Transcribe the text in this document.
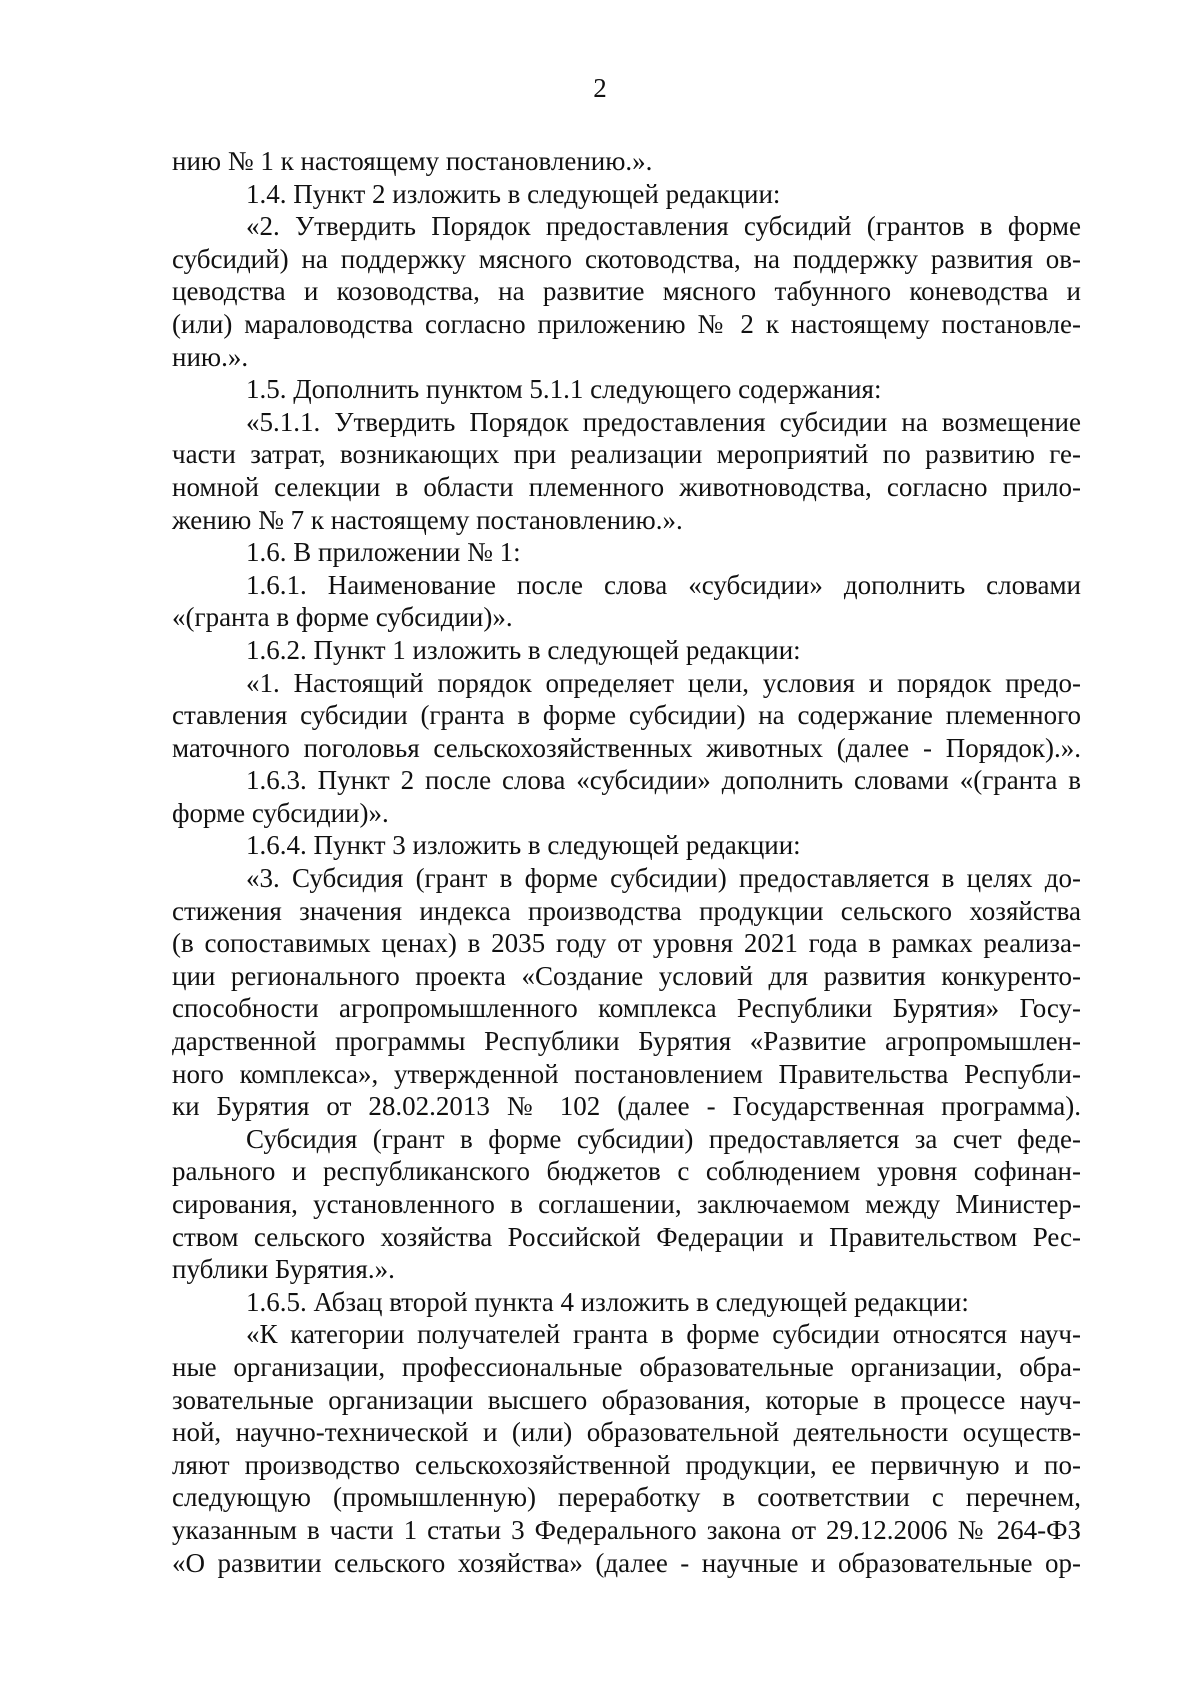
2
нию № 1 к настоящему постановлению.».
1.4. Пункт 2 изложить в следующей редакции:
«2. Утвердить Порядок предоставления субсидий (грантов в форме
субсидий) на поддержку мясного скотоводства, на поддержку развития ов-
цеводства и козоводства, на развитие мясного табунного коневодства и
(или) мараловодства согласно приложению № 2 к настоящему постановле-
нию.».
1.5. Дополнить пунктом 5.1.1 следующего содержания:
«5.1.1. Утвердить Порядок предоставления субсидии на возмещение
части затрат, возникающих при реализации мероприятий по развитию ге-
номной селекции в области племенного животноводства, согласно прило-
жению № 7 к настоящему постановлению.».
1.6. В приложении № 1:
1.6.1. Наименование после слова «субсидии» дополнить словами
«(гранта в форме субсидии)».
1.6.2. Пункт 1 изложить в следующей редакции:
«1. Настоящий порядок определяет цели, условия и порядок предо-
ставления субсидии (гранта в форме субсидии) на содержание племенного
маточного поголовья сельскохозяйственных животных (далее - Порядок).».
1.6.3. Пункт 2 после слова «субсидии» дополнить словами «(гранта в
форме субсидии)».
1.6.4. Пункт 3 изложить в следующей редакции:
«3. Субсидия (грант в форме субсидии) предоставляется в целях до-
стижения значения индекса производства продукции сельского хозяйства
(в сопоставимых ценах) в 2035 году от уровня 2021 года в рамках реализа-
ции регионального проекта «Создание условий для развития конкуренто-
способности агропромышленного комплекса Республики Бурятия» Госу-
дарственной программы Республики Бурятия «Развитие агропромышлен-
ного комплекса», утвержденной постановлением Правительства Республи-
ки Бурятия от 28.02.2013 № 102 (далее - Государственная программа).
Субсидия (грант в форме субсидии) предоставляется за счет феде-
рального и республиканского бюджетов с соблюдением уровня софинан-
сирования, установленного в соглашении, заключаемом между Министер-
ством сельского хозяйства Российской Федерации и Правительством Рес-
публики Бурятия.».
1.6.5. Абзац второй пункта 4 изложить в следующей редакции:
«К категории получателей гранта в форме субсидии относятся науч-
ные организации, профессиональные образовательные организации, обра-
зовательные организации высшего образования, которые в процессе науч-
ной, научно-технической и (или) образовательной деятельности осуществ-
ляют производство сельскохозяйственной продукции, ее первичную и по-
следующую (промышленную) переработку в соответствии с перечнем,
указанным в части 1 статьи 3 Федерального закона от 29.12.2006 № 264-ФЗ
«О развитии сельского хозяйства» (далее - научные и образовательные ор-
